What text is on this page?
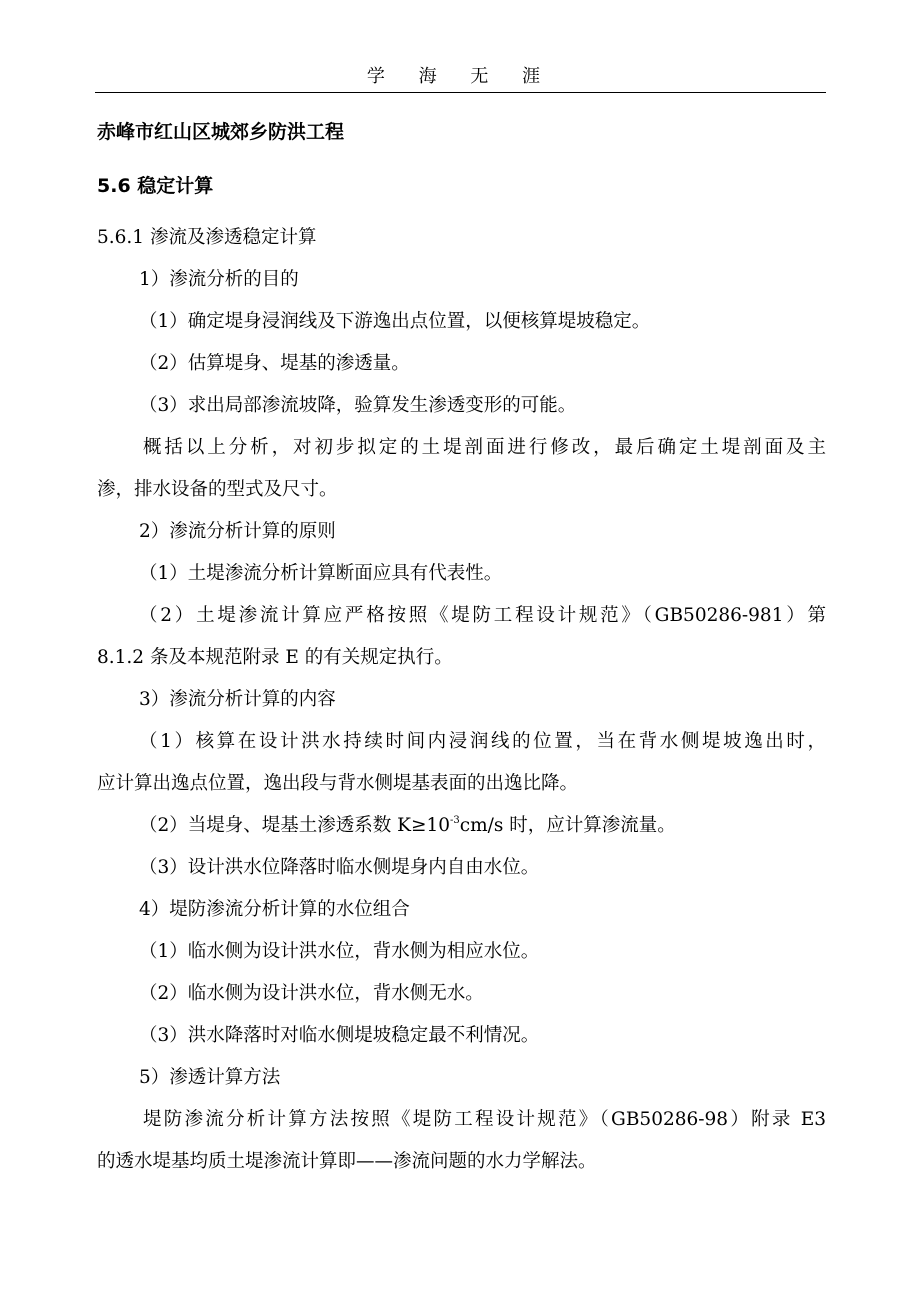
学 海 无 涯
赤峰市红山区城郊乡防洪工程
5.6 稳定计算
5.6.1 渗流及渗透稳定计算
1）渗流分析的目的
（1）确定堤身浸润线及下游逸出点位置，以便核算堤坡稳定。
（2）估算堤身、堤基的渗透量。
（3）求出局部渗流坡降，验算发生渗透变形的可能。
概括以上分析，对初步拟定的土堤剖面进行修改，最后确定土堤剖面及主
渗，排水设备的型式及尺寸。
2）渗流分析计算的原则
（1）土堤渗流分析计算断面应具有代表性。
（2）土堤渗流计算应严格按照《堤防工程设计规范》（GB50286-981）第
8.1.2 条及本规范附录 E 的有关规定执行。
3）渗流分析计算的内容
（1）核算在设计洪水持续时间内浸润线的位置，当在背水侧堤坡逸出时，
应计算出逸点位置，逸出段与背水侧堤基表面的出逸比降。
（2）当堤身、堤基土渗透系数 $K\ge 10^{-3}cm/s$ 时，应计算渗流量。
（3）设计洪水位降落时临水侧堤身内自由水位。
4）堤防渗流分析计算的水位组合
（1）临水侧为设计洪水位，背水侧为相应水位。
（2）临水侧为设计洪水位，背水侧无水。
（3）洪水降落时对临水侧堤坡稳定最不利情况。
5）渗透计算方法
堤防渗流分析计算方法按照《堤防工程设计规范》（GB50286-98）附录 E3
的透水堤基均质土堤渗流计算即——渗流问题的水力学解法。
